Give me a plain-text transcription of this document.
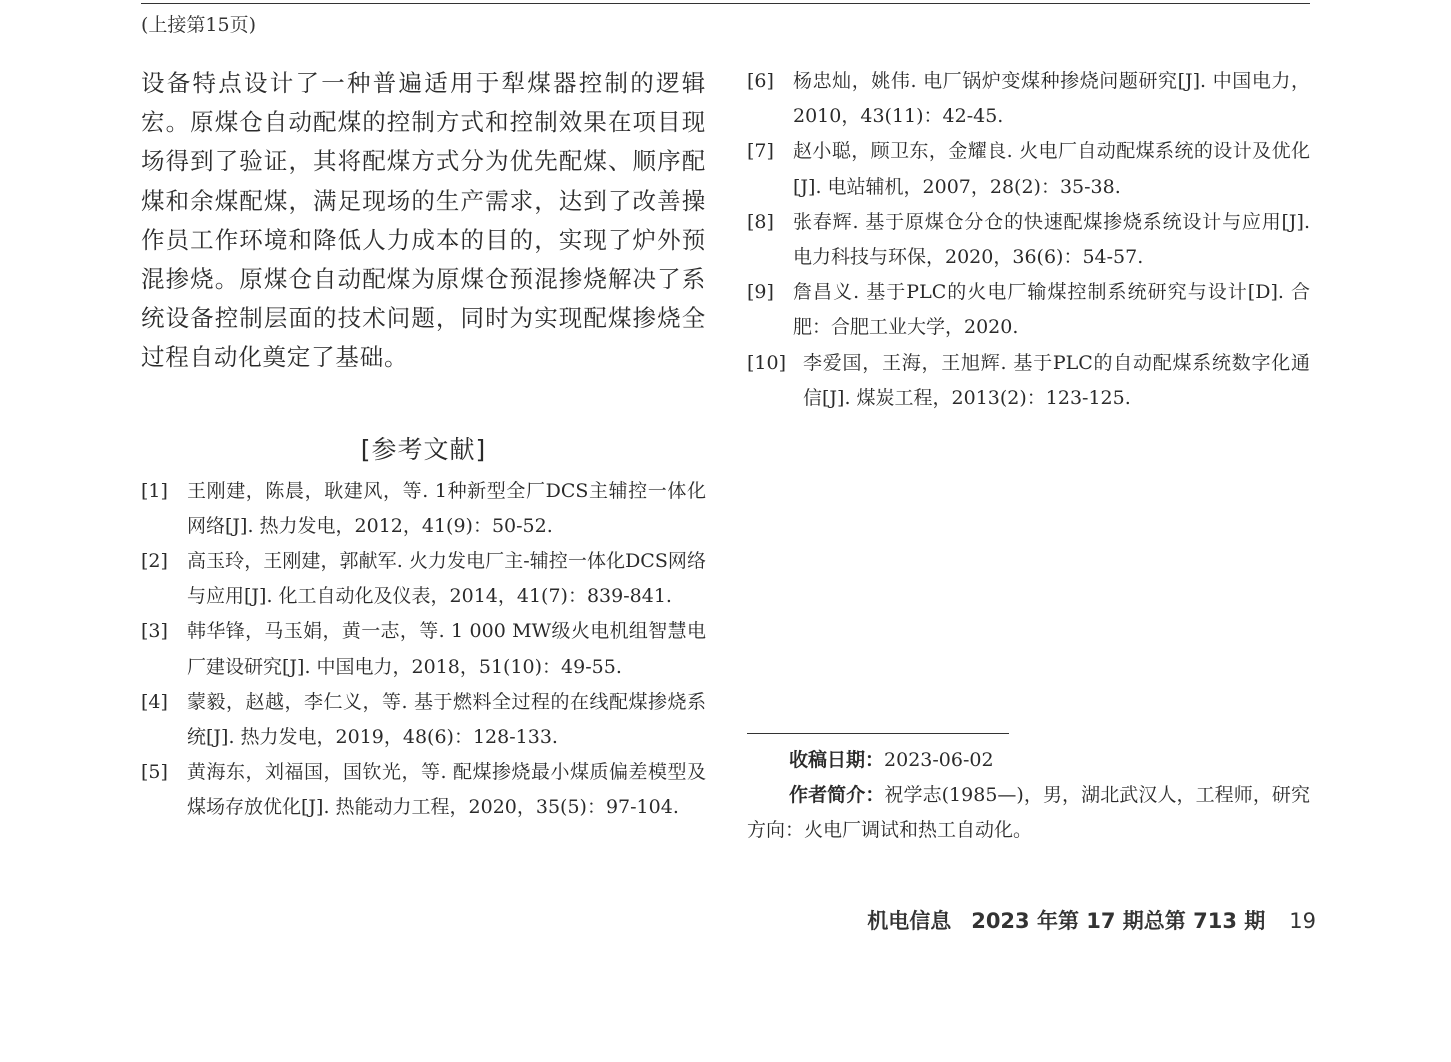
(上接第15页)

设备特点设计了一种普遍适用于犁煤器控制的逻辑宏。原煤仓自动配煤的控制方式和控制效果在项目现场得到了验证，其将配煤方式分为优先配煤、顺序配煤和余煤配煤，满足现场的生产需求，达到了改善操作员工作环境和降低人力成本的目的，实现了炉外预混掺烧。原煤仓自动配煤为原煤仓预混掺烧解决了系统设备控制层面的技术问题，同时为实现配煤掺烧全过程自动化奠定了基础。

[参考文献]
[1] 王刚建，陈晨，耿建风，等. 1种新型全厂DCS主辅控一体化网络[J]. 热力发电，2012，41(9)：50-52.
[2] 高玉玲，王刚建，郭献军. 火力发电厂主-辅控一体化DCS网络与应用[J]. 化工自动化及仪表，2014，41(7)：839-841.
[3] 韩华锋，马玉娟，黄一志，等. 1 000 MW级火电机组智慧电厂建设研究[J]. 中国电力，2018，51(10)：49-55.
[4] 蒙毅，赵越，李仁义，等. 基于燃料全过程的在线配煤掺烧系统[J]. 热力发电，2019，48(6)：128-133.
[5] 黄海东，刘福国，国钦光，等. 配煤掺烧最小煤质偏差模型及煤场存放优化[J]. 热能动力工程，2020，35(5)：97-104.
[6] 杨忠灿，姚伟. 电厂锅炉变煤种掺烧问题研究[J]. 中国电力，2010，43(11)：42-45.
[7] 赵小聪，顾卫东，金耀良. 火电厂自动配煤系统的设计及优化[J]. 电站辅机，2007，28(2)：35-38.
[8] 张春辉. 基于原煤仓分仓的快速配煤掺烧系统设计与应用[J]. 电力科技与环保，2020，36(6)：54-57.
[9] 詹昌义. 基于PLC的火电厂输煤控制系统研究与设计[D]. 合肥：合肥工业大学，2020.
[10] 李爱国，王海，王旭辉. 基于PLC的自动配煤系统数字化通信[J]. 煤炭工程，2013(2)：123-125.

收稿日期：2023-06-02

作者简介：祝学志(1985—)，男，湖北武汉人，工程师，研究方向：火电厂调试和热工自动化。

机电信息 2023 年第 17 期总第 713 期 19
